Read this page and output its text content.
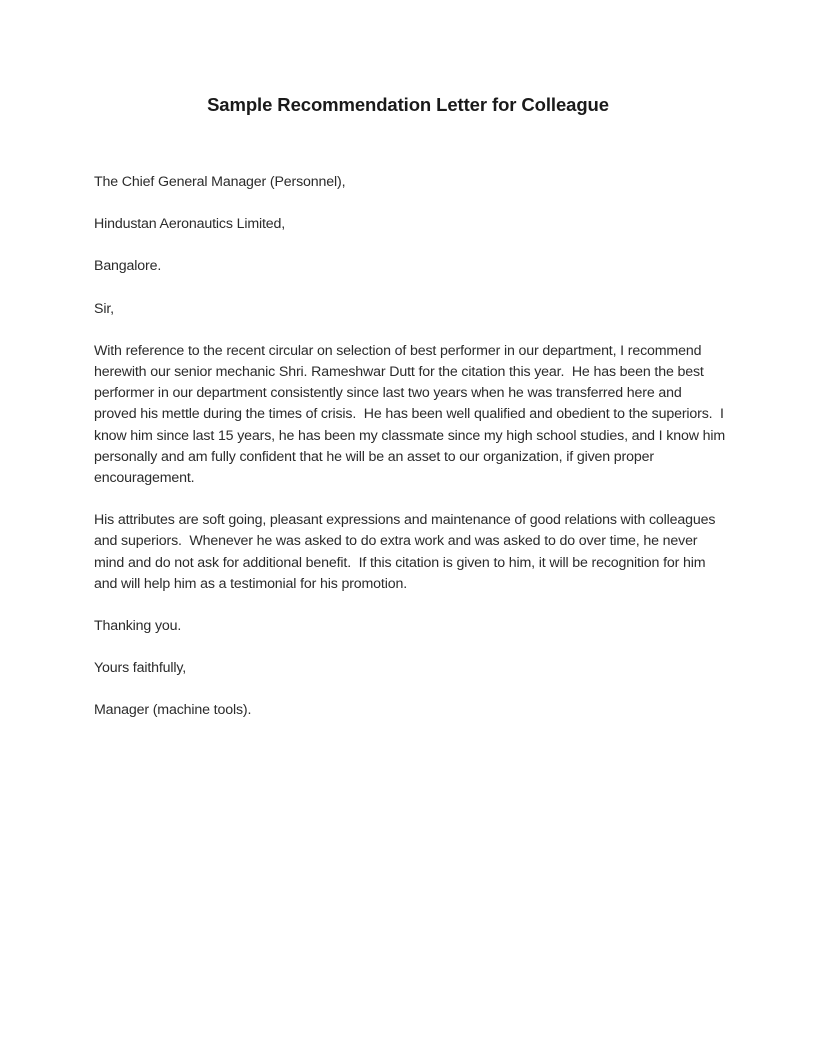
Sample Recommendation Letter for Colleague
The Chief General Manager (Personnel),
Hindustan Aeronautics Limited,
Bangalore.
Sir,
With reference to the recent circular on selection of best performer in our department, I recommend herewith our senior mechanic Shri. Rameshwar Dutt for the citation this year.  He has been the best performer in our department consistently since last two years when he was transferred here and proved his mettle during the times of crisis.  He has been well qualified and obedient to the superiors.  I know him since last 15 years, he has been my classmate since my high school studies, and I know him personally and am fully confident that he will be an asset to our organization, if given proper encouragement.
His attributes are soft going, pleasant expressions and maintenance of good relations with colleagues and superiors.  Whenever he was asked to do extra work and was asked to do over time, he never mind and do not ask for additional benefit.  If this citation is given to him, it will be recognition for him and will help him as a testimonial for his promotion.
Thanking you.
Yours faithfully,
Manager (machine tools).
